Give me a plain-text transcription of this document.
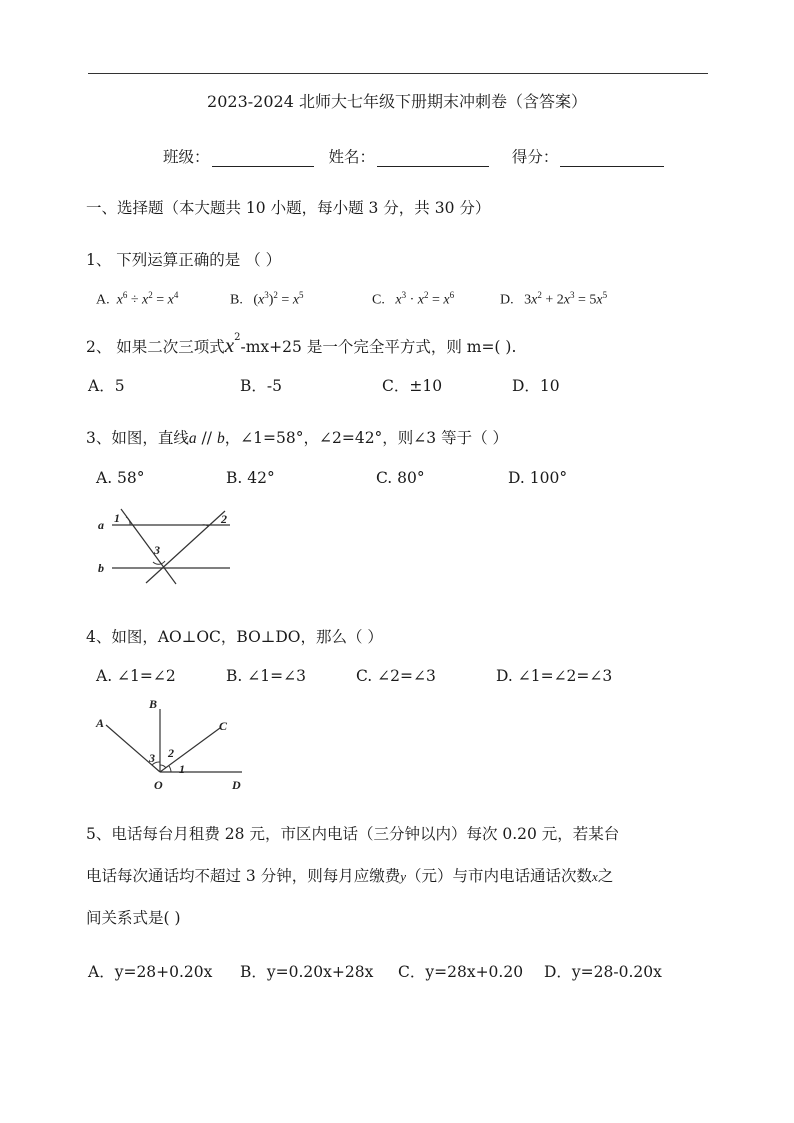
2023-2024 北师大七年级下册期末冲刺卷（含答案）
班级：	姓名：	得分：
一、选择题（本大题共 10 小题，每小题 3 分，共 30 分）
1、 下列运算正确的是 （ ）
A. $x^6 \div x^2 = x^4$	B. $(x^3)^2 = x^5$	C. $x^3 \cdot x^2 = x^6$	D. $3x^2 + 2x^3 = 5x^5$
2、 如果二次三项式$x^2-mx+25$ 是一个完全平方式，则 m=( ).
A．5	B．-5	C．±10	D．10
3、如图，直线a // b，∠1=58°，∠2=42°，则∠3 等于（ ）
A. 58°	B. 42°	C. 80°	D. 100°
a
b
1	2
3
4、如图，AO⊥OC，BO⊥DO，那么（ ）
A. ∠1=∠2	B. ∠1=∠3	C. ∠2=∠3	D. ∠1=∠2=∠3
A
B
C
D
O
1
2
3
5、电话每台月租费 28 元，市区内电话（三分钟以内）每次 0.20 元，若某台
电话每次通话均不超过 3 分钟，则每月应缴费y（元）与市内电话通话次数x之
间关系式是( )
A．y=28+0.20x B．y=0.20x+28x C．y=28x+0.20 D．y=28-0.20x
